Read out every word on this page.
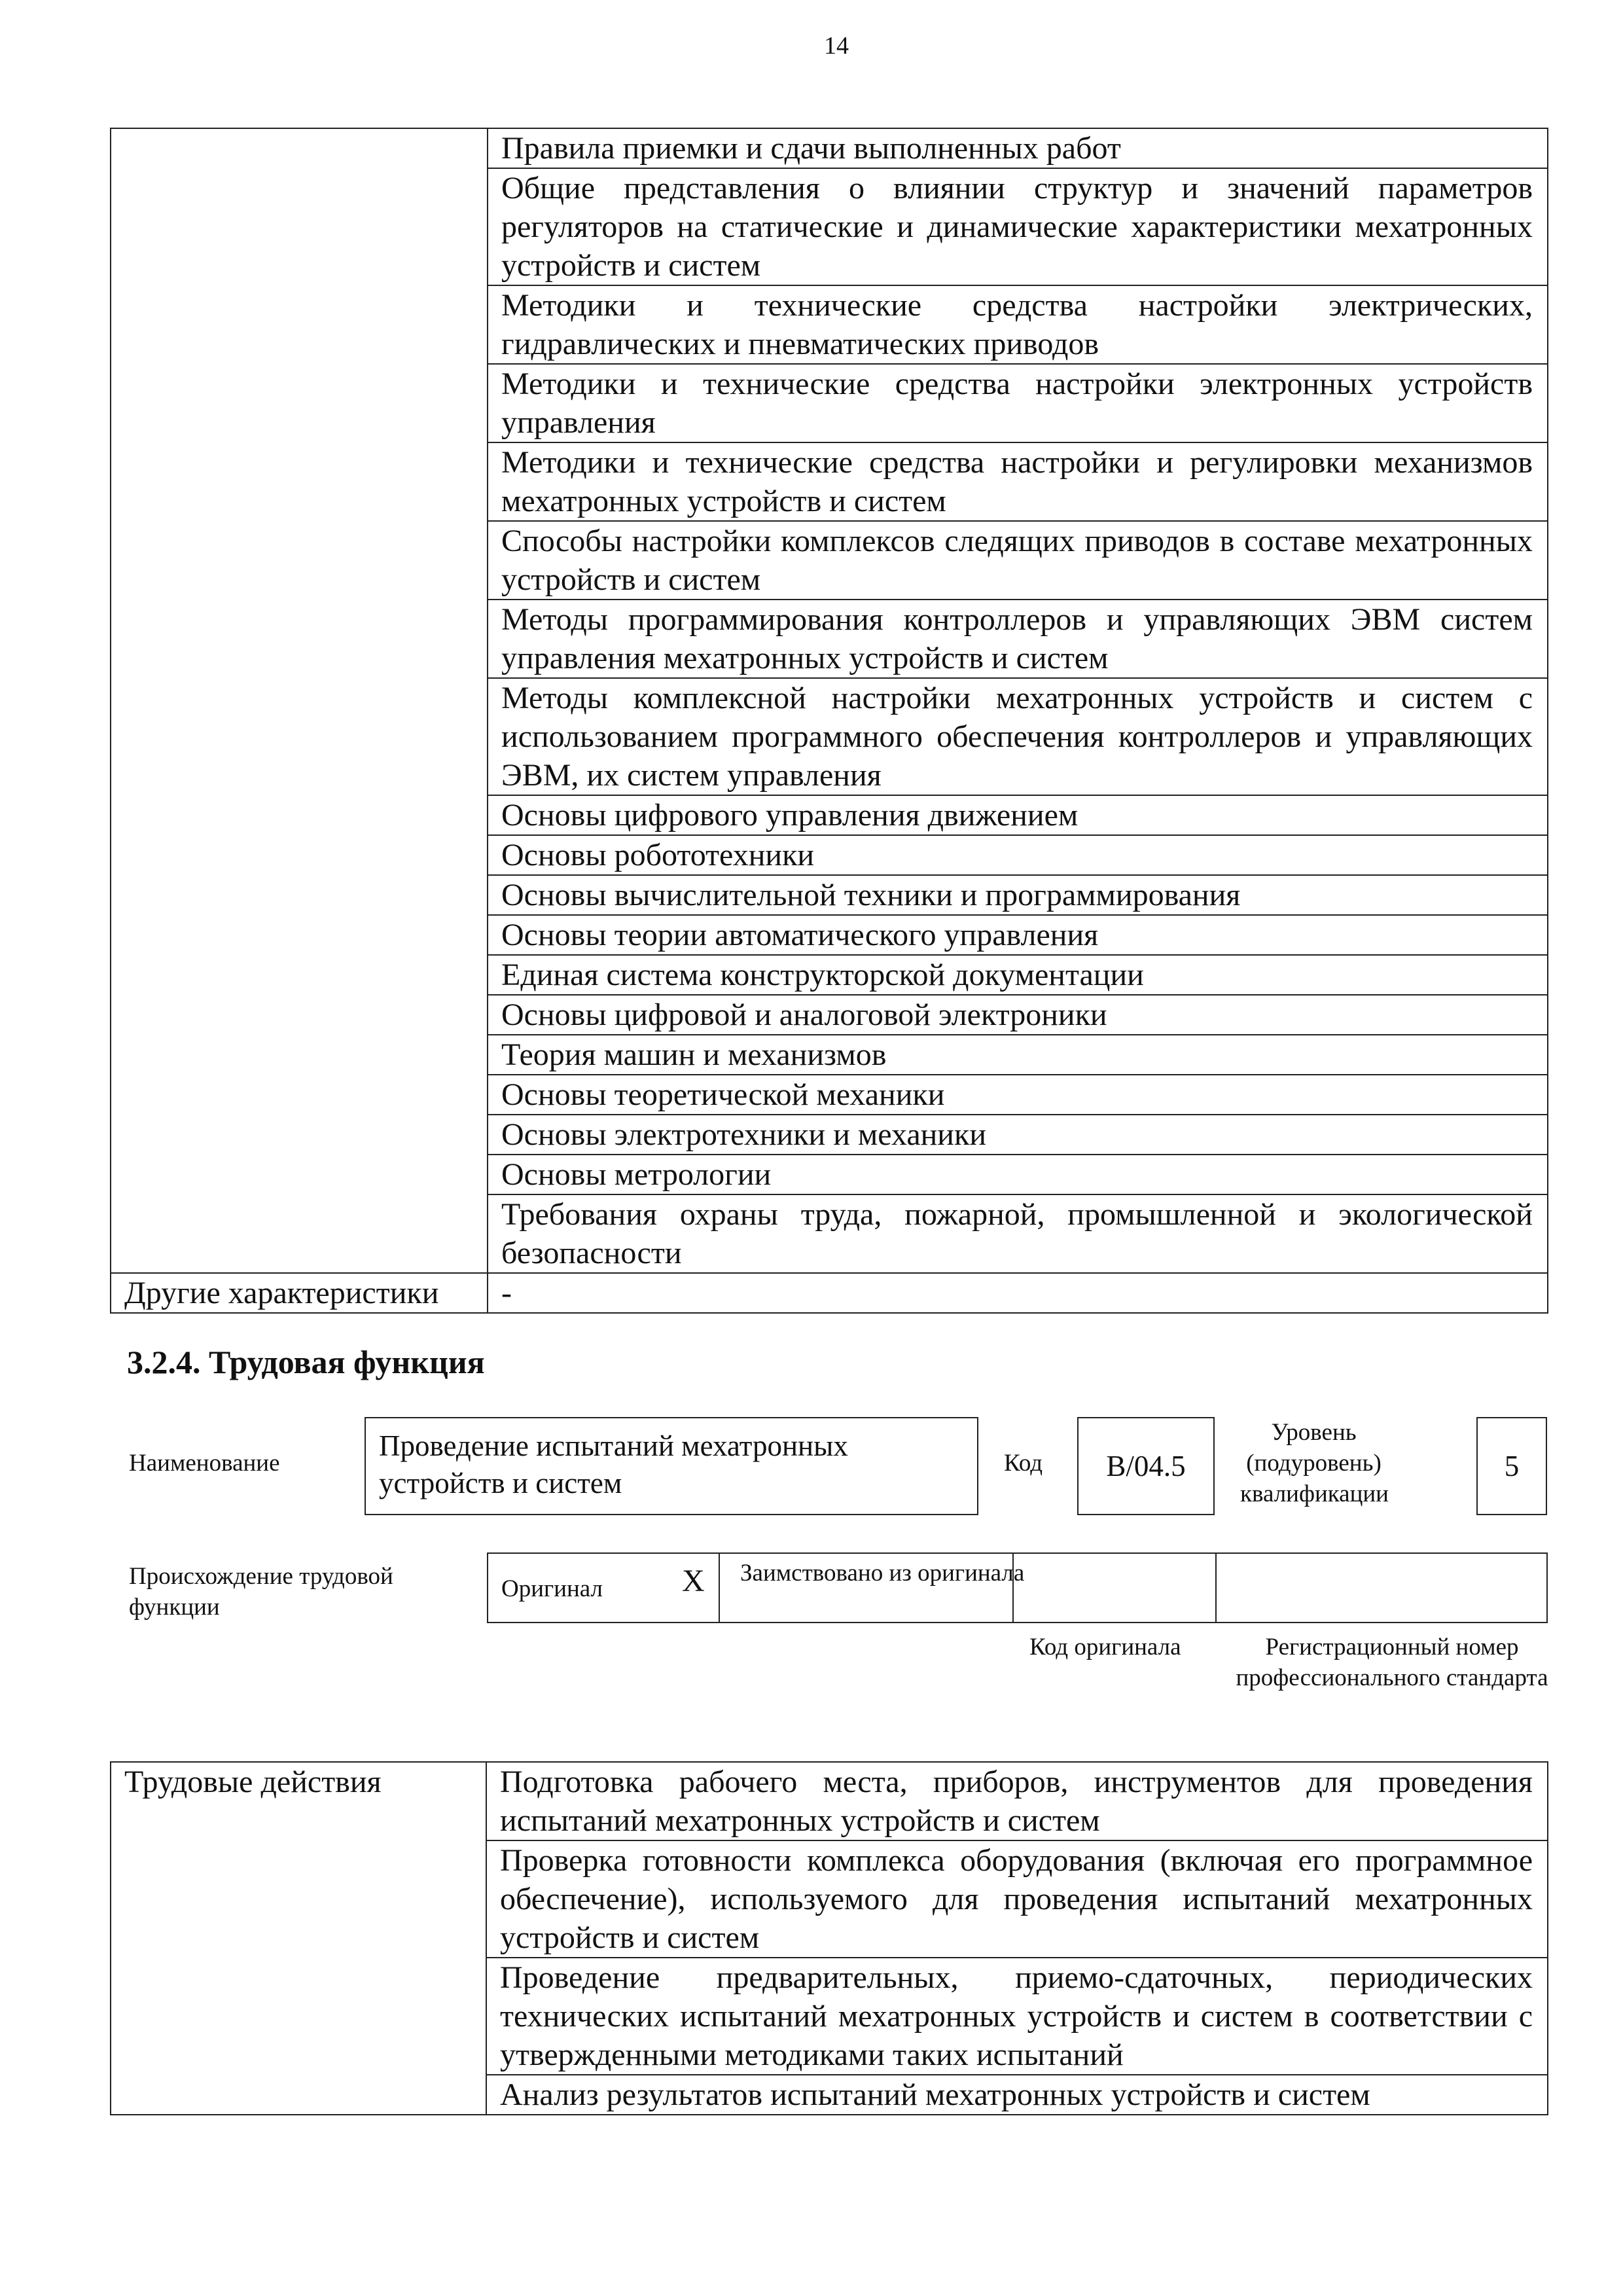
14
	Правила приемки и сдачи выполненных работ
	Общие представления о влиянии структур и значений параметров регуляторов на статические и динамические характеристики мехатронных устройств и систем
	Методики и технические средства настройки электрических, гидравлических и пневматических приводов
	Методики и технические средства настройки электронных устройств управления
	Методики и технические средства настройки и регулировки механизмов мехатронных устройств и систем
	Способы настройки комплексов следящих приводов в составе мехатронных устройств и систем
	Методы программирования контроллеров и управляющих ЭВМ систем управления мехатронных устройств и систем
	Методы комплексной настройки мехатронных устройств и систем с использованием программного обеспечения контроллеров и управляющих ЭВМ, их систем управления
	Основы цифрового управления движением
	Основы робототехники
	Основы вычислительной техники и программирования
	Основы теории автоматического управления
	Единая система конструкторской документации
	Основы цифровой и аналоговой электроники
	Теория машин и механизмов
	Основы теоретической механики
	Основы электротехники и механики
	Основы метрологии
	Требования охраны труда, пожарной, промышленной и экологической безопасности
Другие характеристики	-
3.2.4. Трудовая функция
Наименование
Проведение испытаний мехатронных устройств и систем
Код	B/04.5
Уровень (подуровень) квалификации
5
Происхождение трудовой функции
Оригинал	X Заимствовано из оригинала
Код оригинала	Регистрационный номер профессионального стандарта
Трудовые действия	Подготовка рабочего места, приборов, инструментов для проведения испытаний мехатронных устройств и систем
Проверка готовности комплекса оборудования (включая его программное обеспечение), используемого для проведения испытаний мехатронных устройств и систем
Проведение предварительных, приемо-сдаточных, периодических технических испытаний мехатронных устройств и систем в соответствии с утвержденными методиками таких испытаний
Анализ результатов испытаний мехатронных устройств и систем
